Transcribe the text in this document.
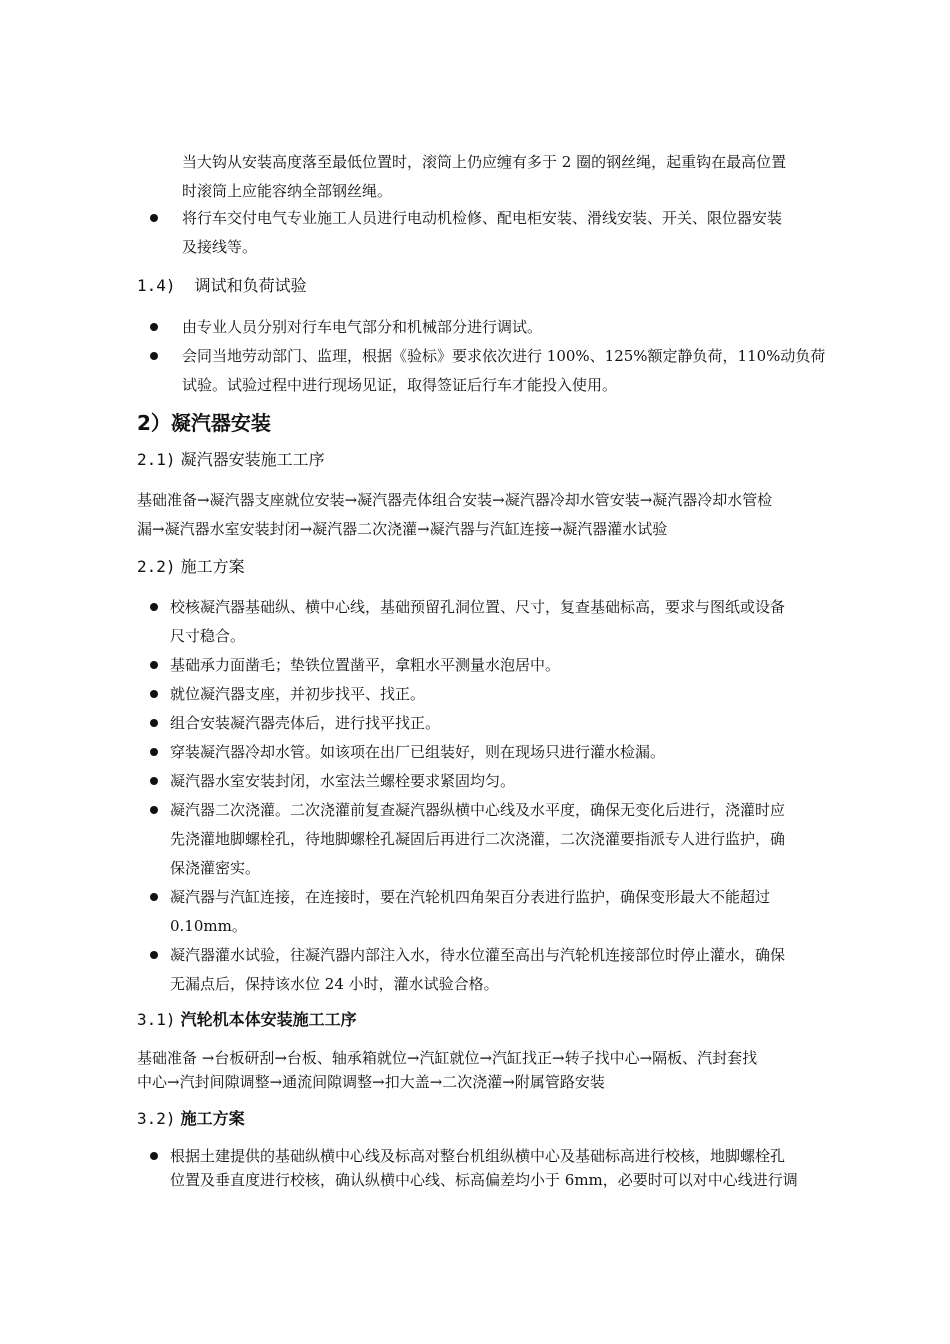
当大钩从安装高度落至最低位置时，滚筒上仍应缠有多于 2 圈的钢丝绳，起重钩在最高位置
时滚筒上应能容纳全部钢丝绳。
将行车交付电气专业施工人员进行电动机检修、配电柜安装、滑线安装、开关、限位器安装
及接线等。
1.4) 调试和负荷试验
由专业人员分别对行车电气部分和机械部分进行调试。
会同当地劳动部门、监理，根据《验标》要求依次进行 100%、125%额定静负荷，110%动负荷
试验。试验过程中进行现场见证，取得签证后行车才能投入使用。
2）凝汽器安装
2.1) 凝汽器安装施工工序
基础准备→凝汽器支座就位安装→凝汽器壳体组合安装→凝汽器冷却水管安装→凝汽器冷却水管检
漏→凝汽器水室安装封闭→凝汽器二次浇灌→凝汽器与汽缸连接→凝汽器灌水试验
2.2) 施工方案
校核凝汽器基础纵、横中心线，基础预留孔洞位置、尺寸，复查基础标高，要求与图纸或设备
尺寸稳合。
基础承力面凿毛；垫铁位置凿平，拿粗水平测量水泡居中。
就位凝汽器支座，并初步找平、找正。
组合安装凝汽器壳体后，进行找平找正。
穿装凝汽器冷却水管。如该项在出厂已组装好，则在现场只进行灌水检漏。
凝汽器水室安装封闭，水室法兰螺栓要求紧固均匀。
凝汽器二次浇灌。二次浇灌前复查凝汽器纵横中心线及水平度，确保无变化后进行，浇灌时应
先浇灌地脚螺栓孔，待地脚螺栓孔凝固后再进行二次浇灌，二次浇灌要指派专人进行监护，确
保浇灌密实。
凝汽器与汽缸连接，在连接时，要在汽轮机四角架百分表进行监护，确保变形最大不能超过
0.10mm。
凝汽器灌水试验，往凝汽器内部注入水，待水位灌至高出与汽轮机连接部位时停止灌水，确保
无漏点后，保持该水位 24 小时，灌水试验合格。
3.1) 汽轮机本体安装施工工序
基础准备 →台板研刮→台板、轴承箱就位→汽缸就位→汽缸找正→转子找中心→隔板、汽封套找
中心→汽封间隙调整→通流间隙调整→扣大盖→二次浇灌→附属管路安装
3.2) 施工方案
根据土建提供的基础纵横中心线及标高对整台机组纵横中心及基础标高进行校核，地脚螺栓孔
位置及垂直度进行校核，确认纵横中心线、标高偏差均小于 6mm，必要时可以对中心线进行调
